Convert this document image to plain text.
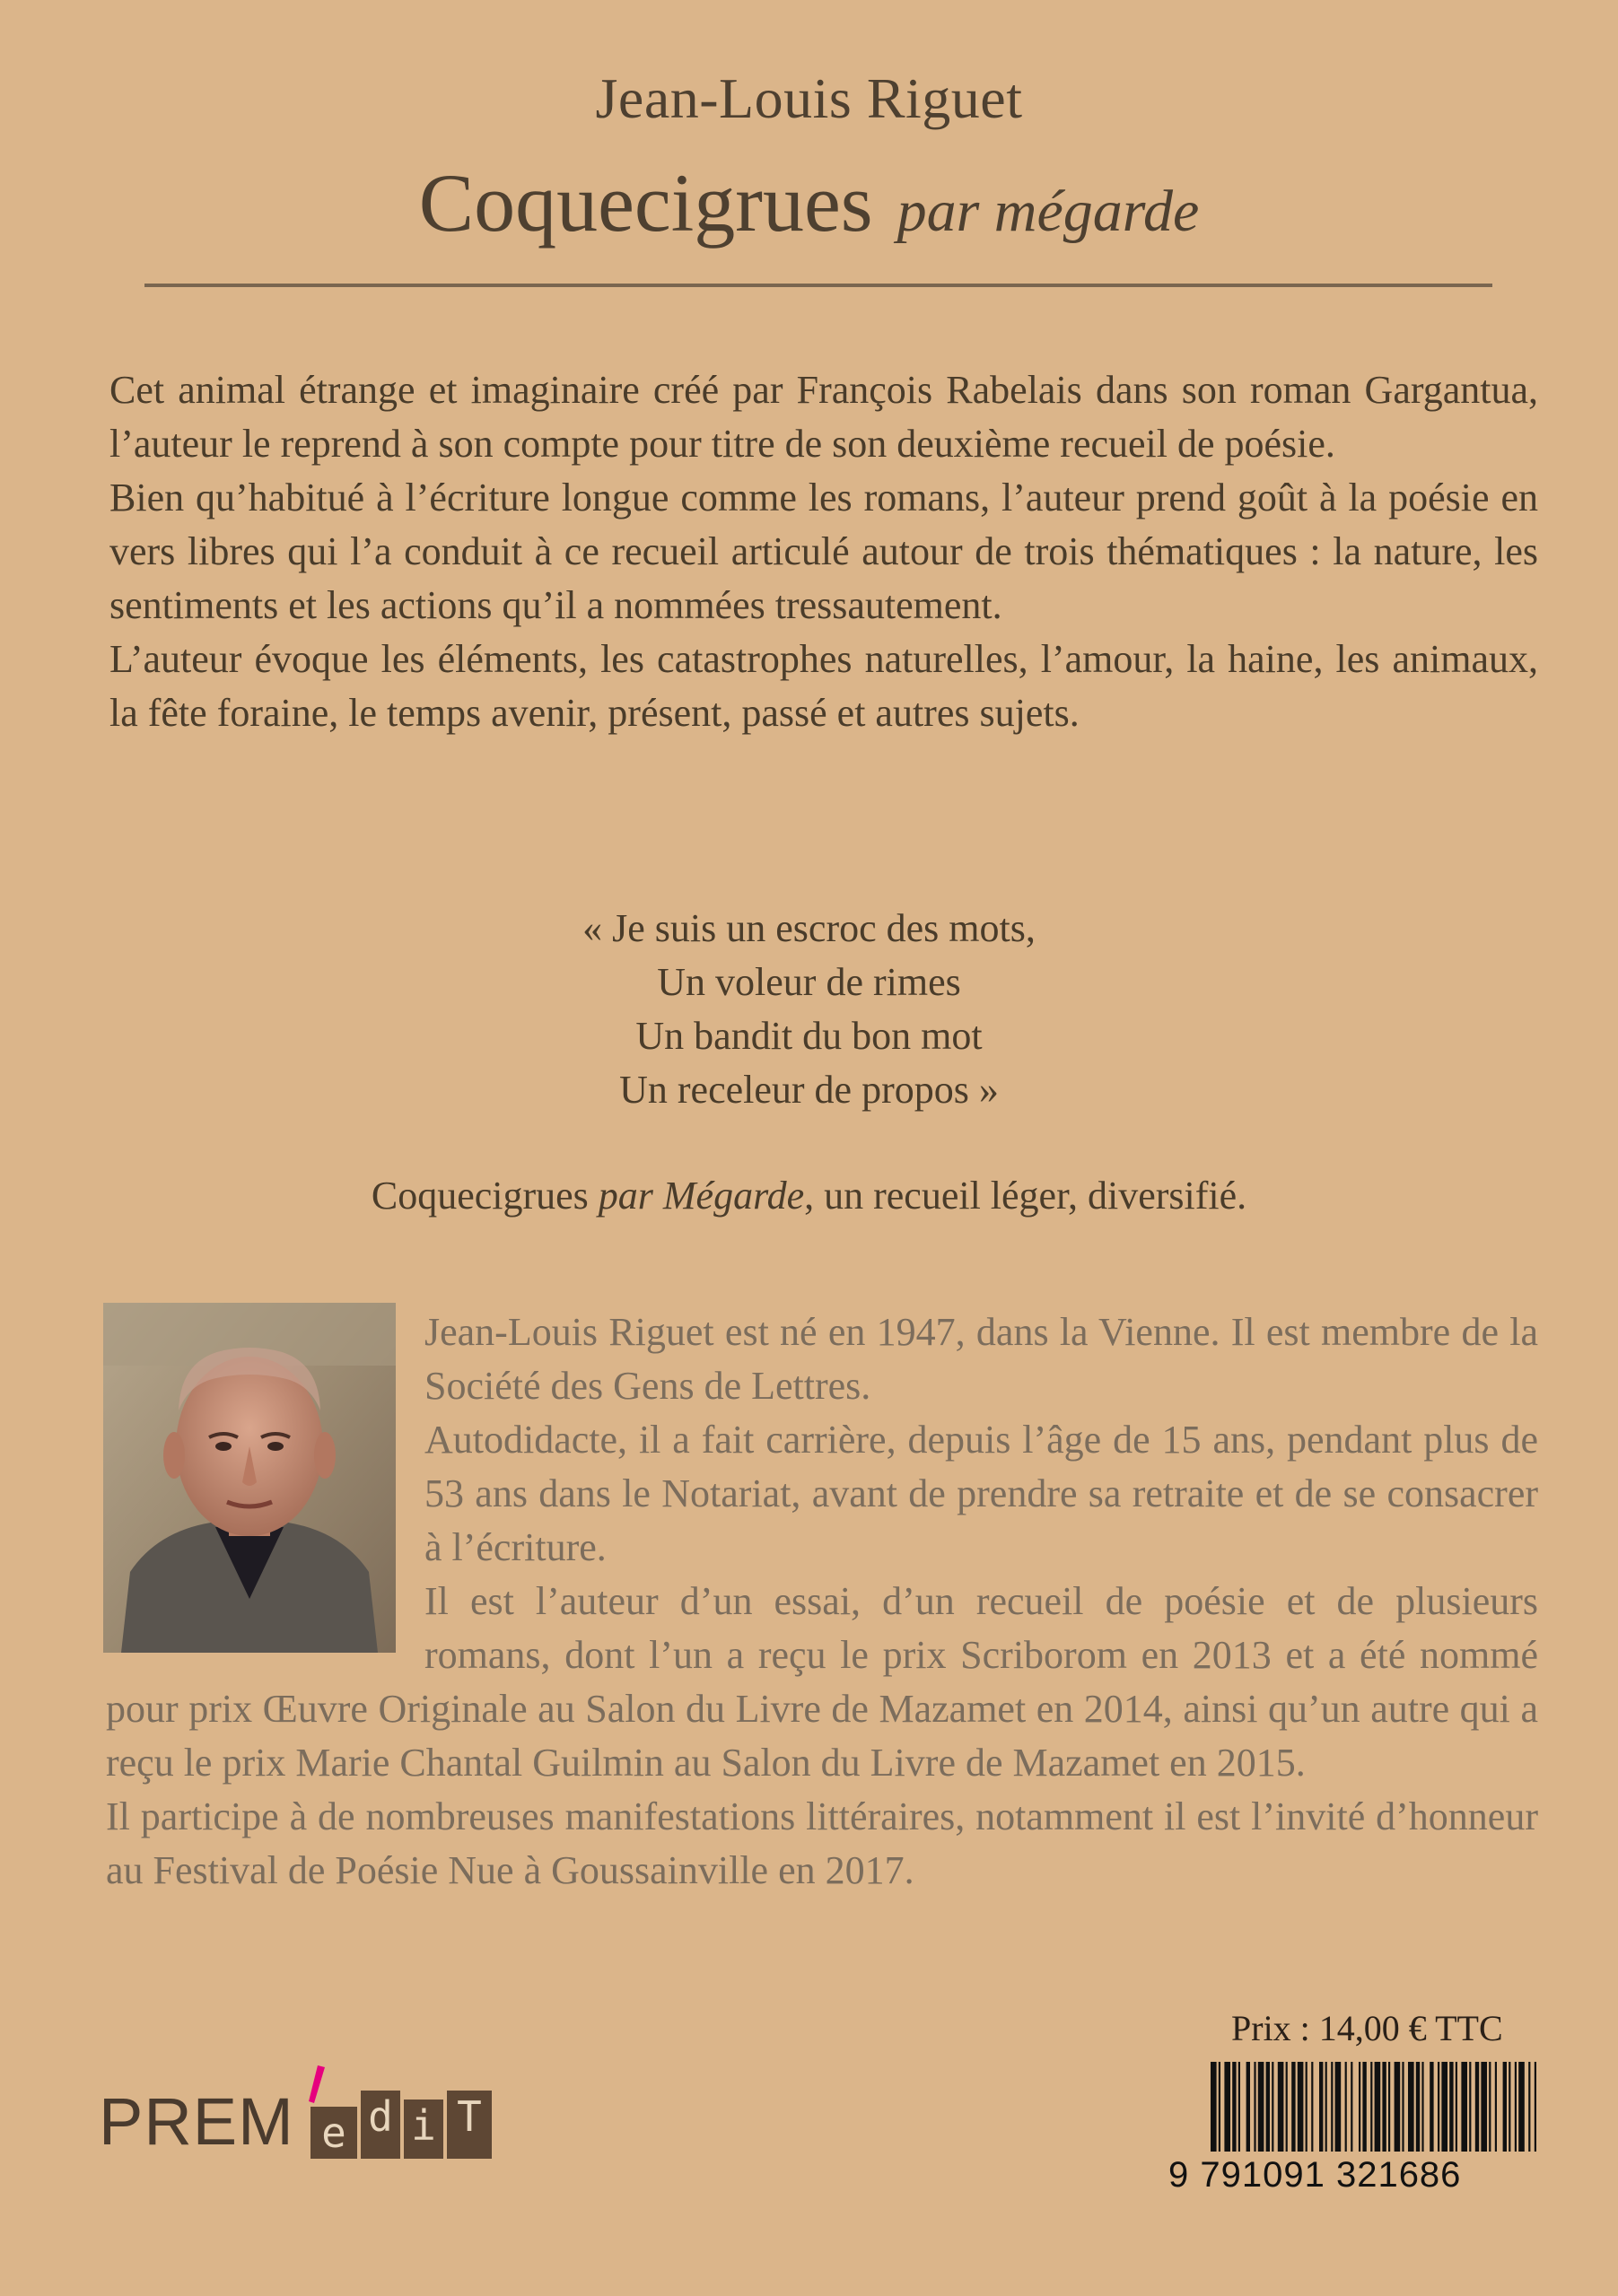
Jean-Louis Riguet
Coquecigrues par mégarde

Cet animal étrange et imaginaire créé par François Rabelais dans son roman Gargantua, l’auteur le reprend à son compte pour titre de son deuxième recueil de poésie.

Bien qu’habitué à l’écriture longue comme les romans, l’auteur prend goût à la poésie en vers libres qui l’a conduit à ce recueil articulé autour de trois thématiques : la nature, les sentiments et les actions qu’il a nommées tressautement.

L’auteur évoque les éléments, les catastrophes naturelles, l’amour, la haine, les animaux, la fête foraine, le temps avenir, présent, passé et autres sujets.

« Je suis un escroc des mots,
Un voleur de rimes
Un bandit du bon mot
Un receleur de propos »
Coquecigrues par Mégarde, un recueil léger, diversifié.

Jean-Louis Riguet est né en 1947, dans la Vienne. Il est membre de la Société des Gens de Lettres.

Autodidacte, il a fait carrière, depuis l’âge de 15 ans, pendant plus de 53 ans dans le Notariat, avant de prendre sa retraite et de se consacrer à l’écriture.

Il est l’auteur d’un essai, d’un recueil de poésie et de plusieurs romans, dont l’un a reçu le prix Scriborom en 2013 et a été nommé pour prix Œuvre Originale au Salon du Livre de Mazamet en 2014, ainsi qu’un autre qui a reçu le prix Marie Chantal Guilmin au Salon du Livre de Mazamet en 2015.

Il participe à de nombreuses manifestations littéraires, notamment il est l’invité d’honneur au Festival de Poésie Nue à Goussainville en 2017.

Prix : 14,00 € TTC
9 791091 321686
PREM e d i T
